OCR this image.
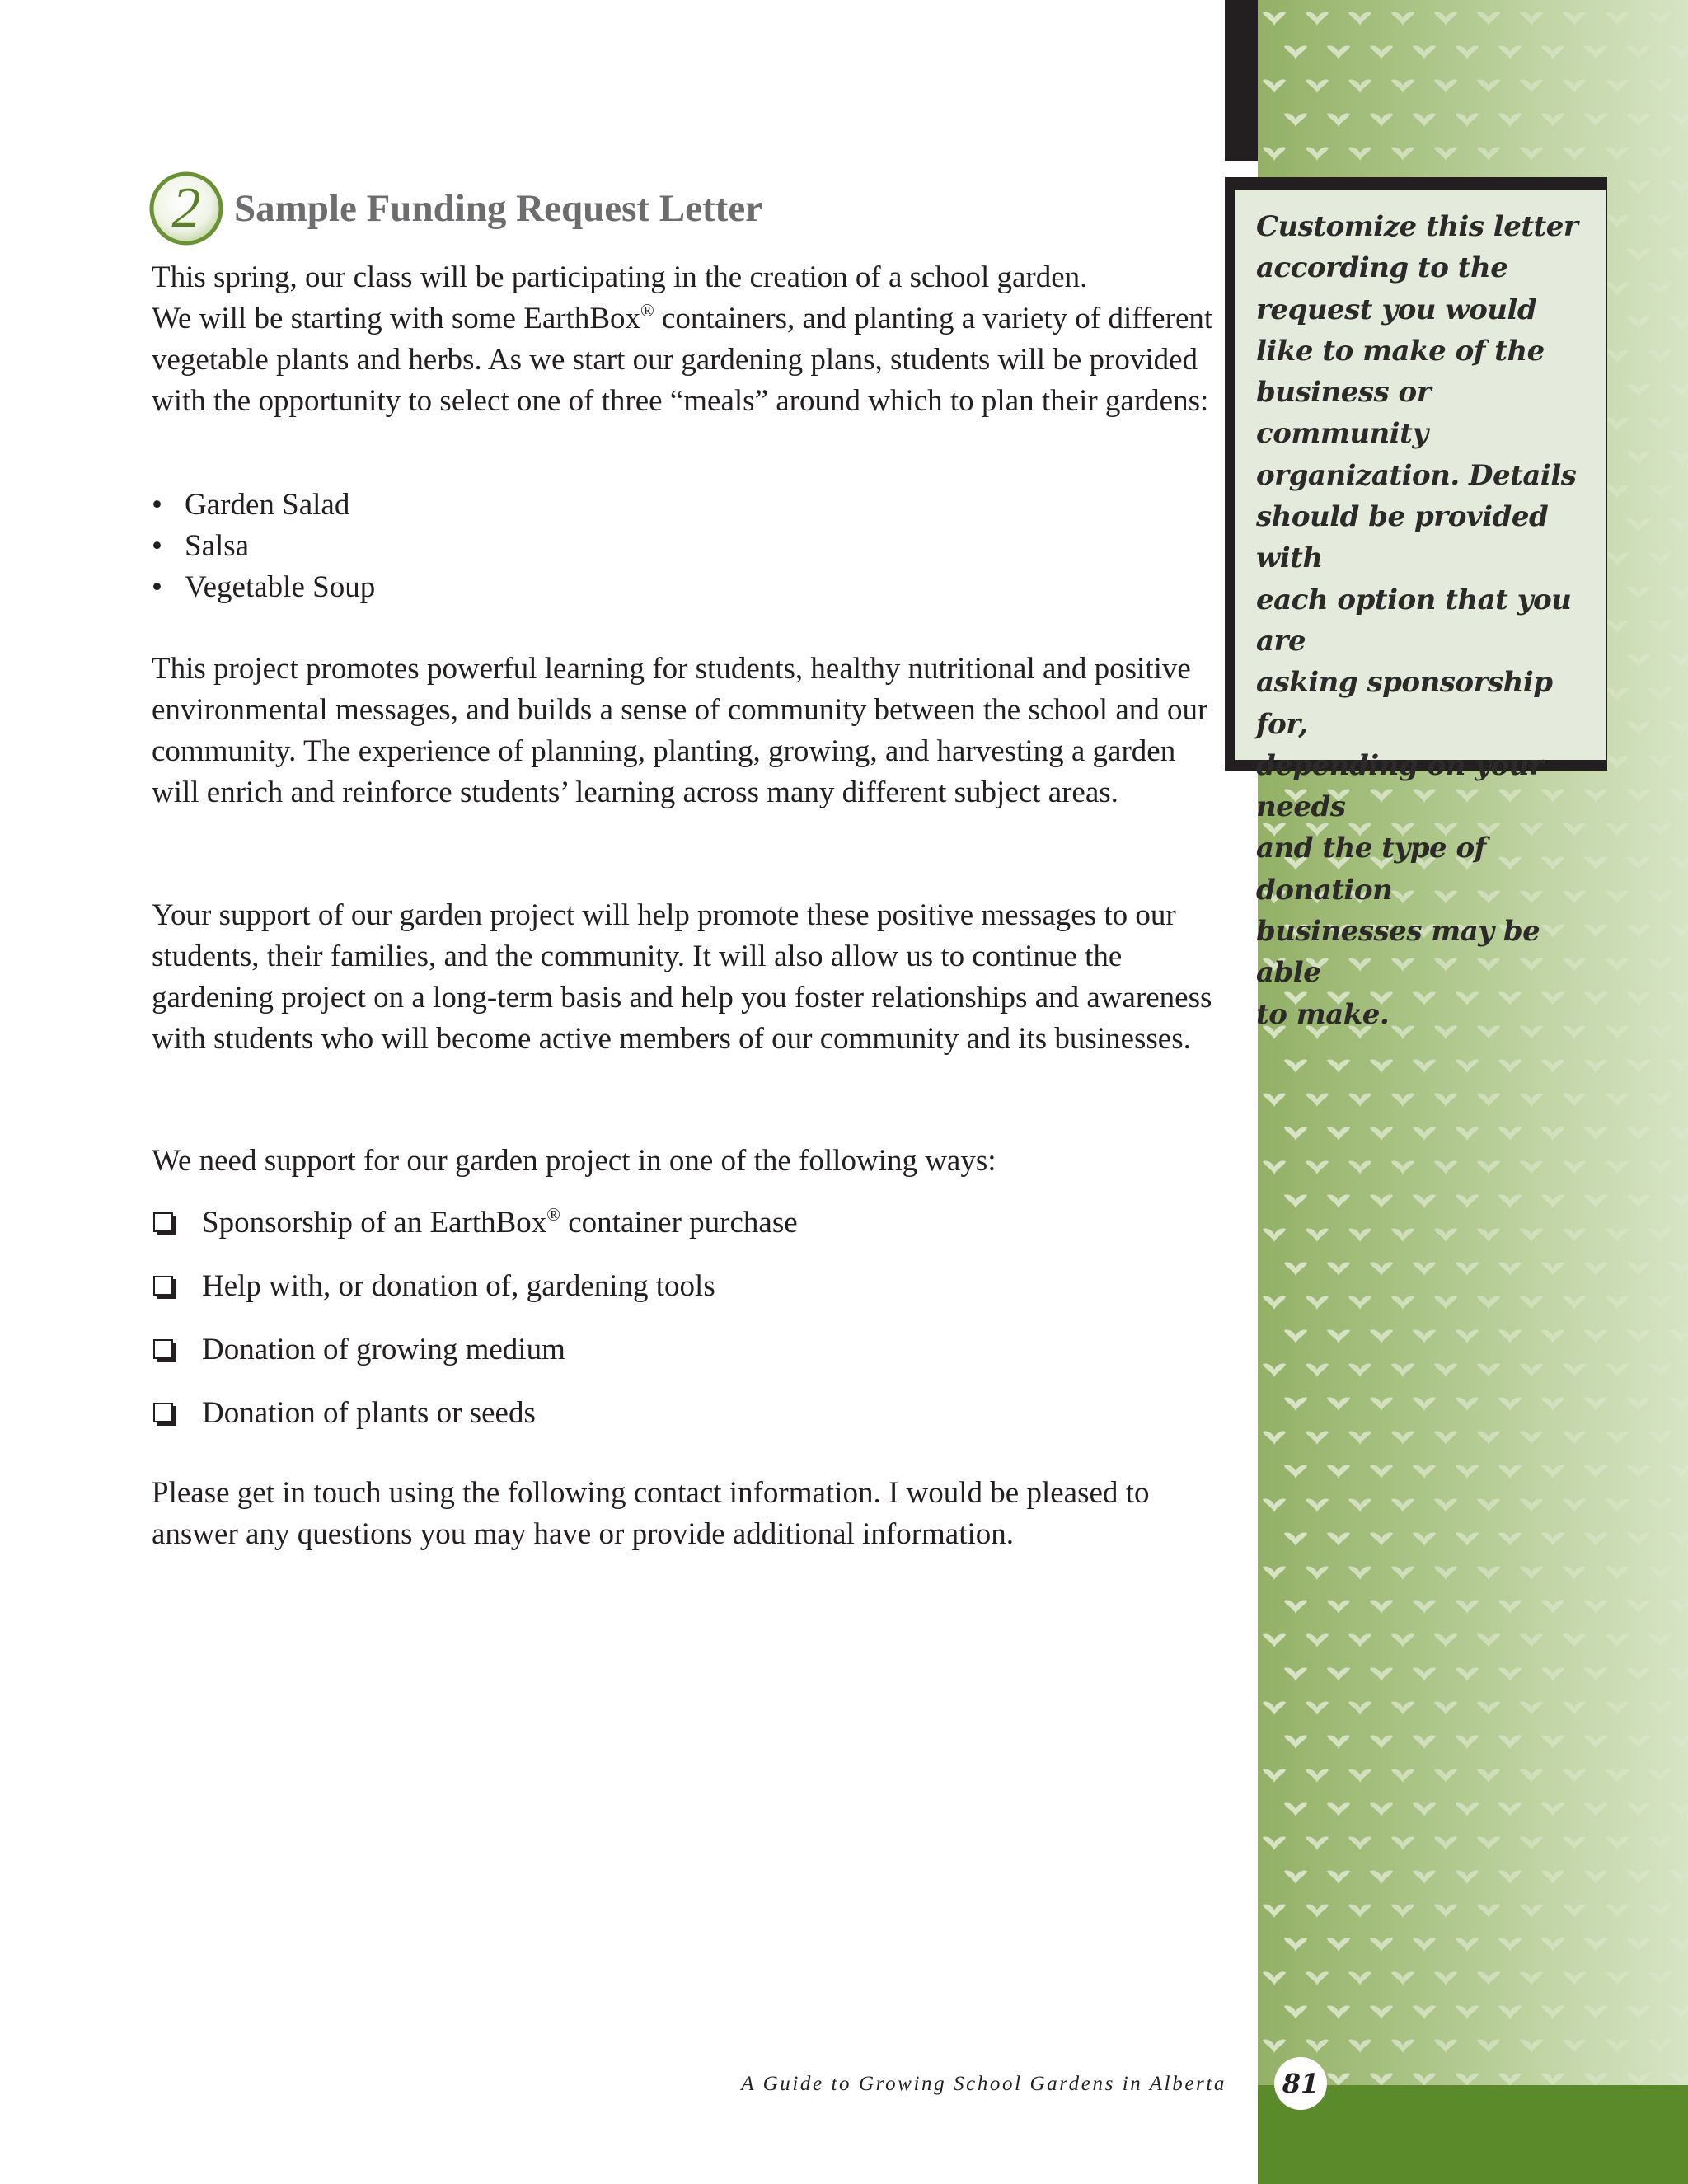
Customize this letter
according to the
request you would
like to make of the
business or community
organization. Details
should be provided with
each option that you are
asking sponsorship for,
depending on your needs
and the type of donation
businesses may be able
to make.

2 Sample Funding Request Letter

This spring, our class will be participating in the creation of a school garden.
We will be starting with some EarthBox® containers, and planting a variety of different vegetable plants and herbs. As we start our gardening plans, students will be provided with the opportunity to select one of three “meals” around which to plan their gardens:

• Garden Salad
• Salsa
• Vegetable Soup

This project promotes powerful learning for students, healthy nutritional and positive environmental messages, and builds a sense of community between the school and our community. The experience of planning, planting, growing, and harvesting a garden will enrich and reinforce students’ learning across many different subject areas.

Your support of our garden project will help promote these positive messages to our students, their families, and the community. It will also allow us to continue the gardening project on a long-term basis and help you foster relationships and awareness with students who will become active members of our community and its businesses.

We need support for our garden project in one of the following ways:

Sponsorship of an EarthBox® container purchase
Help with, or donation of, gardening tools
Donation of growing medium
Donation of plants or seeds

Please get in touch using the following contact information. I would be pleased to answer any questions you may have or provide additional information.

A Guide to Growing School Gardens in Alberta	81
